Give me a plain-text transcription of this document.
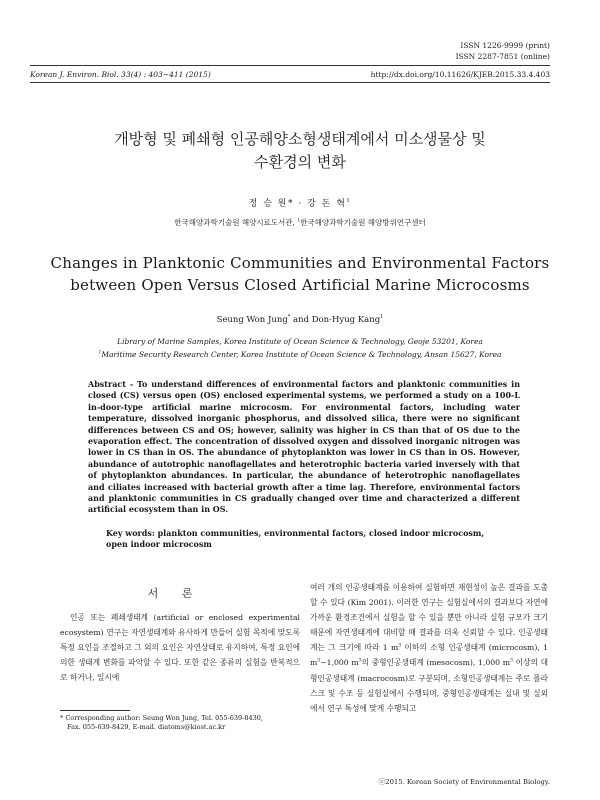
ISSN 1226-9999 (print)
ISSN 2287-7851 (online)
Korean J. Environ. Biol. 33(4) : 403~411 (2015)	http://dx.doi.org/10.11626/KJEB.2015.33.4.403
개방형 및 폐쇄형 인공해양소형생태계에서 미소생물상 및
수환경의 변화
정 승 원* · 강 돈 혁$^1$
한국해양과학기술원 해양시료도서관, $^1$한국해양과학기술원 해양방위연구센터
Changes in Planktonic Communities and Environmental Factors
between Open Versus Closed Artificial Marine Microcosms
Seung Won Jung* and Don-Hyug Kang$^1$
Library of Marine Samples, Korea Institute of Ocean Science & Technology, Geoje 53201, Korea
$^1$Maritime Security Research Center, Korea Institute of Ocean Science & Technology, Ansan 15627, Korea
Abstract - To understand differences of environmental factors and planktonic communities in closed (CS) versus open (OS) enclosed experimental systems, we performed a study on a 100-L in-door-type artificial marine microcosm. For environmental factors, including water temperature, dissolved inorganic phosphorus, and dissolved silica, there were no significant differences between CS and OS; however, salinity was higher in CS than that of OS due to the evaporation effect. The concentration of dissolved oxygen and dissolved inorganic nitrogen was lower in CS than in OS. The abundance of phytoplankton was lower in CS than in OS. However, abundance of autotrophic nanoflagellates and heterotrophic bacteria varied inversely with that of phytoplankton abundances. In particular, the abundance of heterotrophic nanoflagellates and ciliates increased with bacterial growth after a time lag. Therefore, environmental factors and planktonic communities in CS gradually changed over time and characterized a different artificial ecosystem than in OS.
Key words: plankton communities, environmental factors, closed indoor microcosm, open indoor microcosm
서 론
인공 또는 폐쇄생태계 (artificial or enclosed experimental ecosystem) 연구는 자연생태계와 유사하게 만들어 실험 목적에 맞도록 특정 요인을 조절하고 그 외의 요인은 자연상태로 유지하여, 특정 요인에 의한 생태계 변화를 파악할 수 있다. 또한 같은 종류의 실험을 반복적으로 하거나, 일시에
여러 개의 인공생태계를 이용하여 실험하면 재현성이 높은 결과를 도출할 수 있다 (Kim 2001). 이러한 연구는 실험실에서의 결과보다 자연에 가까운 환경조건에서 실험을 할 수 있을 뿐만 아니라 실험 규모가 크기 때문에 자연생태계에 대비할 때 결과를 더욱 신뢰할 수 있다. 인공생태계는 그 크기에 따라 1 $m^3$ 이하의 소형 인공생태계 (microcosm), 1 $m^3\sim 1,000$ $m^3$의 중형인공생태계 (mesocosm), 1,000 $m^3$ 이상의 대형인공생태계 (macrocosm)로 구분되며, 소형인공생태계는 주로 플라스크 및 수조 등 실험실에서 수행되며, 중형인공생태계는 실내 및 실외에서 연구 특성에 맞게 수행되고
* Corresponding author: Seung Won Jung, Tel. 055-639-8430,
Fax. 055-639-8429, E-mail. diatoms@kiost.ac.kr
ⓒ2015. Korean Society of Environmental Biology.
